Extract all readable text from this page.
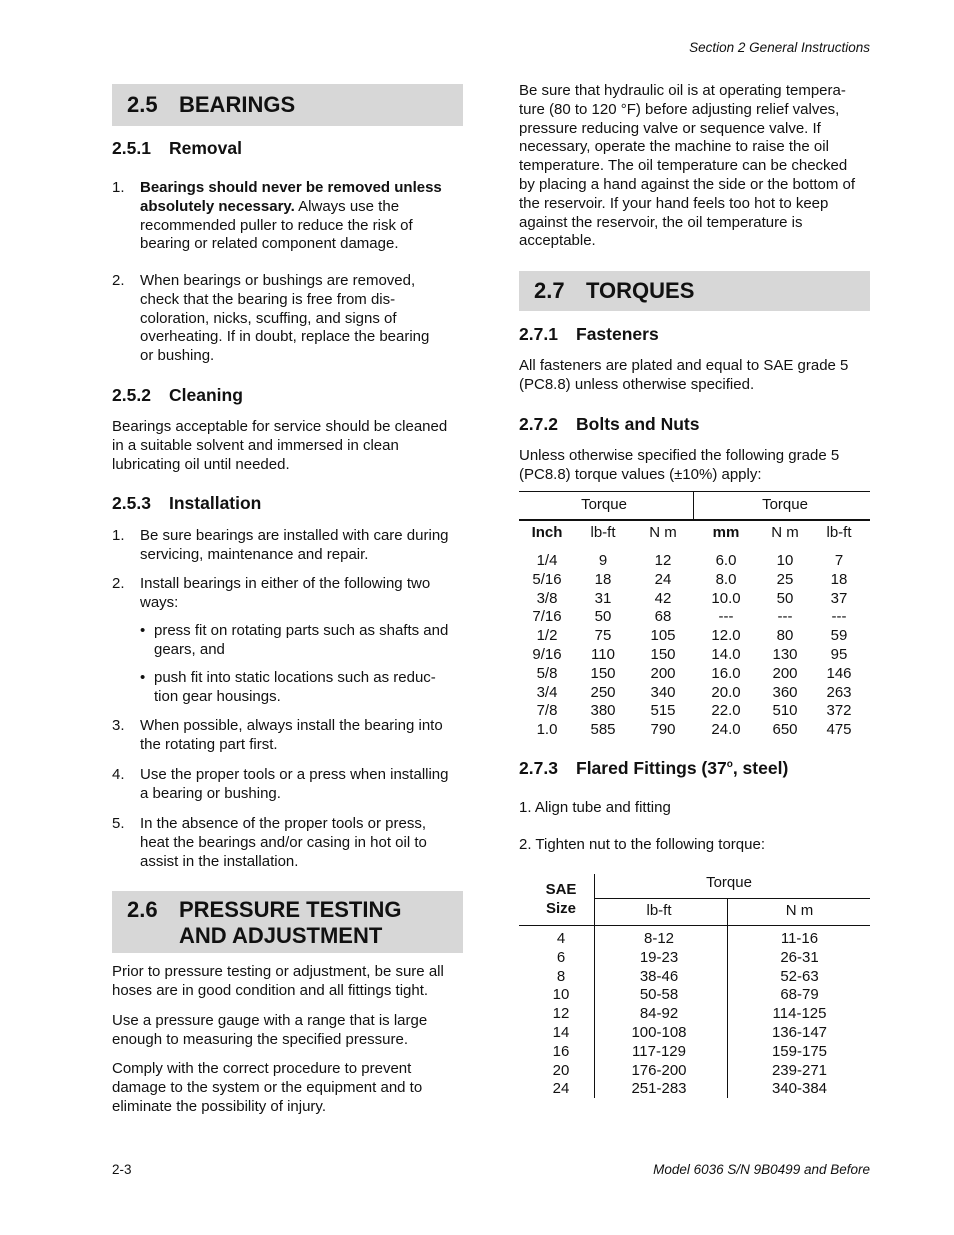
Section 2 General Instructions
2.5 BEARINGS
2.5.1 Removal
1. Bearings should never be removed unless
absolutely necessary. Always use the
recommended puller to reduce the risk of
bearing or related component damage.
2. When bearings or bushings are removed,
check that the bearing is free from dis-
coloration, nicks, scuffing, and signs of
overheating. If in doubt, replace the bearing
or bushing.
2.5.2 Cleaning
Bearings acceptable for service should be cleaned
in a suitable solvent and immersed in clean
lubricating oil until needed.
2.5.3 Installation
1. Be sure bearings are installed with care during
servicing, maintenance and repair.
2. Install bearings in either of the following two
ways:
• press fit on rotating parts such as shafts and
gears, and
• push fit into static locations such as reduc-
tion gear housings.
3. When possible, always install the bearing into
the rotating part first.
4. Use the proper tools or a press when installing
a bearing or bushing.
5. In the absence of the proper tools or press,
heat the bearings and/or casing in hot oil to
assist in the installation.
2.6 PRESSURE TESTING
AND ADJUSTMENT
Prior to pressure testing or adjustment, be sure all
hoses are in good condition and all fittings tight.
Use a pressure gauge with a range that is large
enough to measuring the specified pressure.
Comply with the correct procedure to prevent
damage to the system or the equipment and to
eliminate the possibility of injury.
Be sure that hydraulic oil is at operating tempera-
ture (80 to 120 °F) before adjusting relief valves,
pressure reducing valve or sequence valve. If
necessary, operate the machine to raise the oil
temperature. The oil temperature can be checked
by placing a hand against the side or the bottom of
the reservoir. If your hand feels too hot to keep
against the reservoir, the oil temperature is
acceptable.
2.7 TORQUES
2.7.1 Fasteners
All fasteners are plated and equal to SAE grade 5
(PC8.8) unless otherwise specified.
2.7.2 Bolts and Nuts
Unless otherwise specified the following grade 5
(PC8.8) torque values (±10%) apply:
Torque	Torque
Inch	lb-ft	N m	mm	N m	lb-ft
1/4	9	12	6.0	10	7
5/16	18	24	8.0	25	18
3/8	31	42	10.0	50	37
7/16	50	68	---	---	---
1/2	75	105	12.0	80	59
9/16	110	150	14.0	130	95
5/8	150	200	16.0	200	146
3/4	250	340	20.0	360	263
7/8	380	515	22.0	510	372
1.0	585	790	24.0	650	475
2.7.3 Flared Fittings (37$^o$, steel)
1. Align tube and fitting
2. Tighten nut to the following torque:
SAE
Size
Torque
lb-ft	N m
4	8-12	11-16
6	19-23	26-31
8	38-46	52-63
10	50-58	68-79
12	84-92	114-125
14	100-108	136-147
16	117-129	159-175
20	176-200	239-271
24	251-283	340-384
2-3	Model 6036 S/N 9B0499 and Before
